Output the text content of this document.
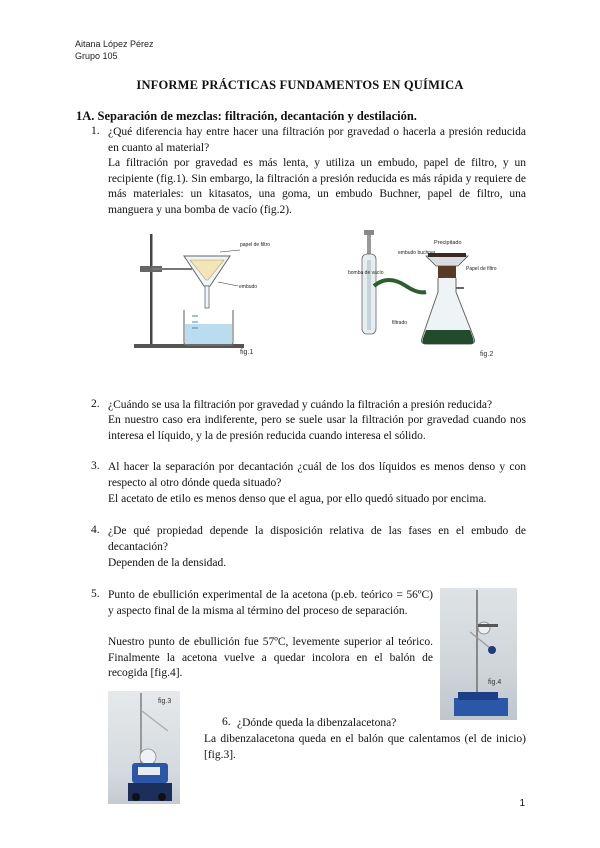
Aitana López Pérez
Grupo 105
INFORME PRÁCTICAS FUNDAMENTOS EN QUÍMICA
1A. Separación de mezclas: filtración, decantación y destilación.
1. ¿Qué diferencia hay entre hacer una filtración por gravedad o hacerla a presión reducida en cuanto al material?
La filtración por gravedad es más lenta, y utiliza un embudo, papel de filtro, y un recipiente (fig.1). Sin embargo, la filtración a presión reducida es más rápida y requiere de más materiales: un kitasatos, una goma, un embudo Buchner, papel de filtro, una manguera y una bomba de vacío (fig.2).
papel de filtro
embudo
fig.1
Precipitado
embudo buchner
Papel de filtro
bomba de vacío
filtrado
fig.2
2. ¿Cuándo se usa la filtración por gravedad y cuándo la filtración a presión reducida?
En nuestro caso era indiferente, pero se suele usar la filtración por gravedad cuando nos interesa el líquido, y la de presión reducida cuando interesa el sólido.
3. Al hacer la separación por decantación ¿cuál de los dos líquidos es menos denso y con respecto al otro dónde queda situado?
El acetato de etilo es menos denso que el agua, por ello quedó situado por encima.
4. ¿De qué propiedad depende la disposición relativa de las fases en el embudo de decantación?
Dependen de la densidad.
5. Punto de ebullición experimental de la acetona (p.eb. teórico = 56ºC) y aspecto final de la misma al término del proceso de separación.
Nuestro punto de ebullición fue 57ºC, levemente superior al teórico. Finalmente la acetona vuelve a quedar incolora en el balón de recogida [fig.4].
fig.4
fig.3
6. ¿Dónde queda la dibenzalacetona?
La dibenzalacetona queda en el balón que calentamos (el de inicio) [fig.3].
1
